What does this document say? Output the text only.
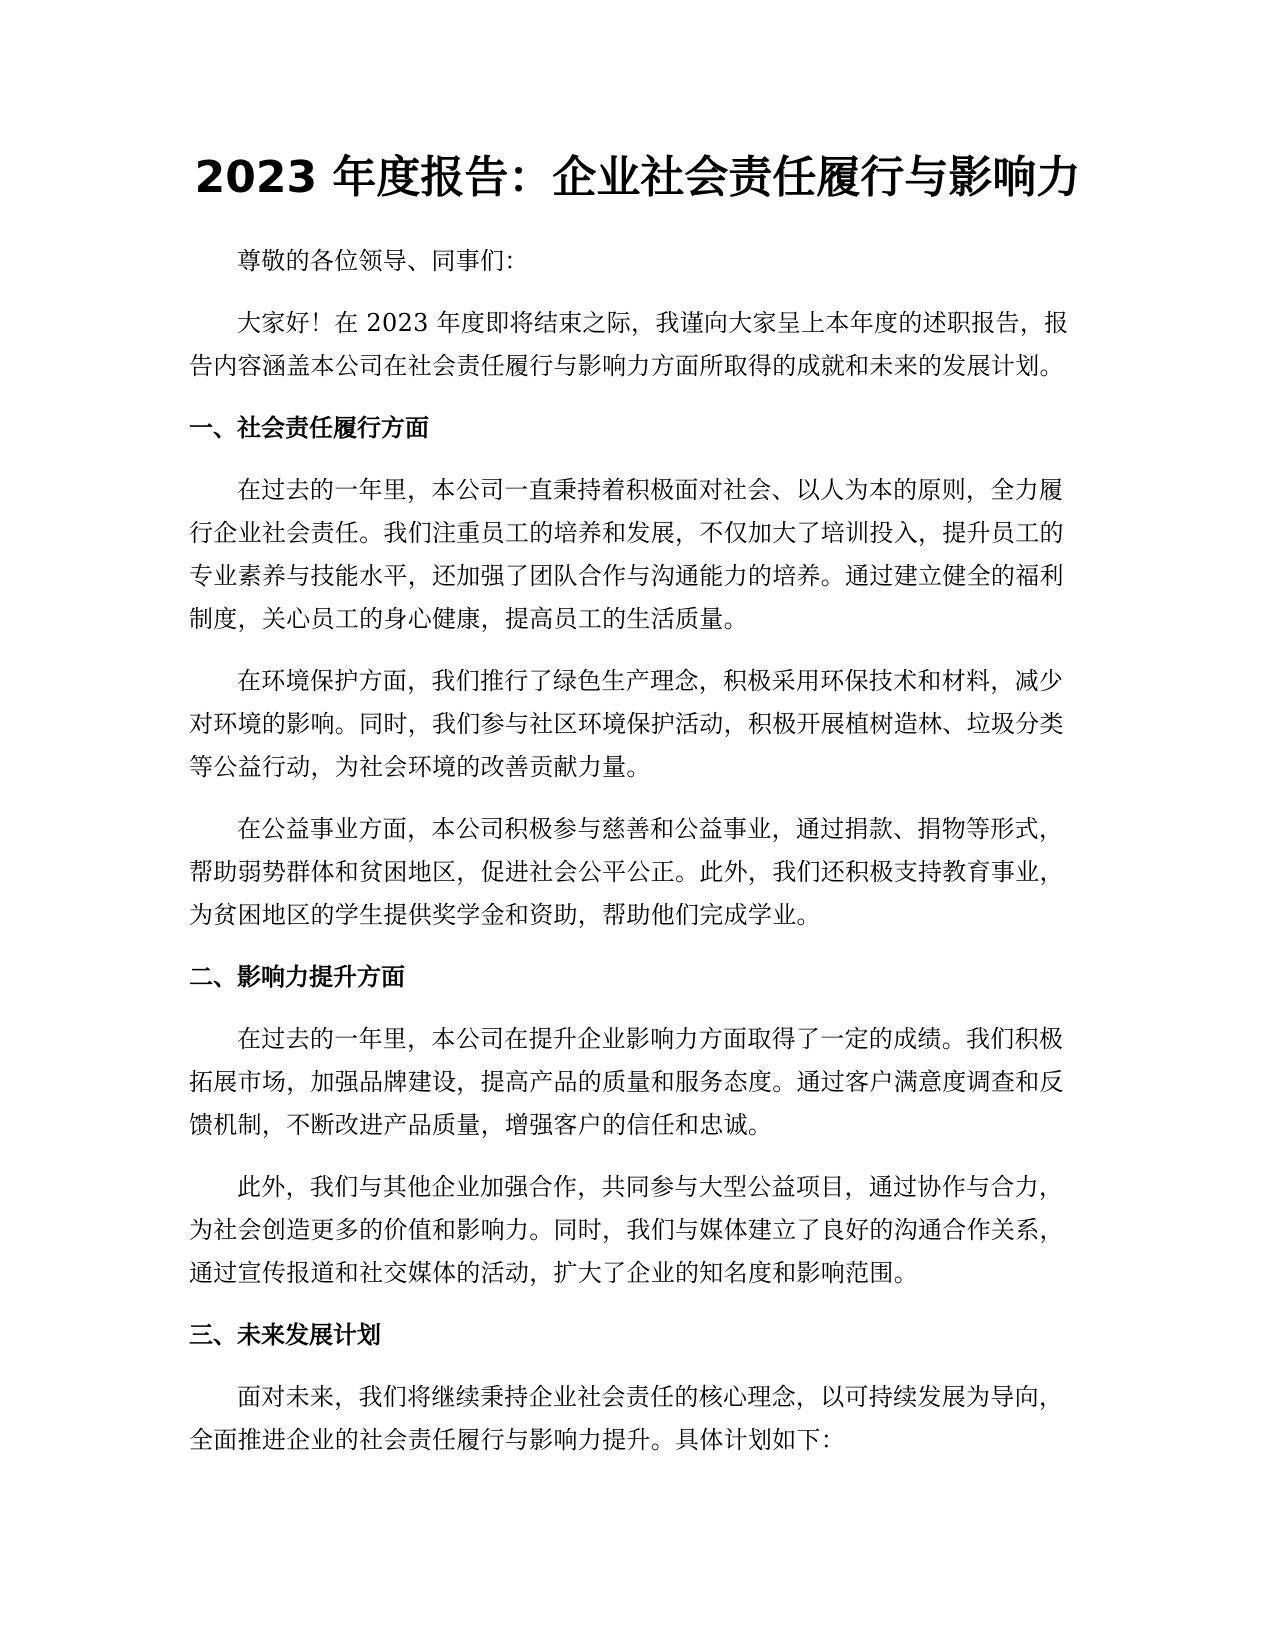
2023 年度报告：企业社会责任履行与影响力

尊敬的各位领导、同事们：

大家好！在 2023 年度即将结束之际，我谨向大家呈上本年度的述职报告，报告内容涵盖本公司在社会责任履行与影响力方面所取得的成就和未来的发展计划。

一、社会责任履行方面

在过去的一年里，本公司一直秉持着积极面对社会、以人为本的原则，全力履行企业社会责任。我们注重员工的培养和发展，不仅加大了培训投入，提升员工的专业素养与技能水平，还加强了团队合作与沟通能力的培养。通过建立健全的福利制度，关心员工的身心健康，提高员工的生活质量。

在环境保护方面，我们推行了绿色生产理念，积极采用环保技术和材料，减少对环境的影响。同时，我们参与社区环境保护活动，积极开展植树造林、垃圾分类等公益行动，为社会环境的改善贡献力量。

在公益事业方面，本公司积极参与慈善和公益事业，通过捐款、捐物等形式，帮助弱势群体和贫困地区，促进社会公平公正。此外，我们还积极支持教育事业，为贫困地区的学生提供奖学金和资助，帮助他们完成学业。

二、影响力提升方面

在过去的一年里，本公司在提升企业影响力方面取得了一定的成绩。我们积极拓展市场，加强品牌建设，提高产品的质量和服务态度。通过客户满意度调查和反馈机制，不断改进产品质量，增强客户的信任和忠诚。

此外，我们与其他企业加强合作，共同参与大型公益项目，通过协作与合力，为社会创造更多的价值和影响力。同时，我们与媒体建立了良好的沟通合作关系，通过宣传报道和社交媒体的活动，扩大了企业的知名度和影响范围。

三、未来发展计划

面对未来，我们将继续秉持企业社会责任的核心理念，以可持续发展为导向，全面推进企业的社会责任履行与影响力提升。具体计划如下：
